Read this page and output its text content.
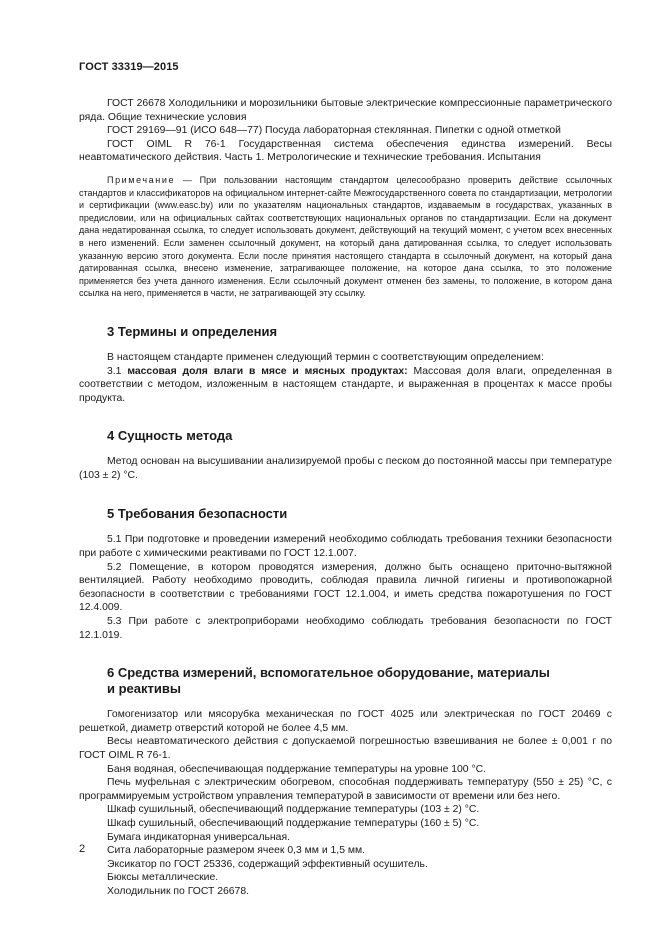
ГОСТ 33319—2015

ГОСТ 26678 Холодильники и морозильники бытовые электрические компрессионные параметрического ряда. Общие технические условия

ГОСТ 29169—91 (ИСО 648—77) Посуда лабораторная стеклянная. Пипетки с одной отметкой

ГОСТ OIML R 76-1 Государственная система обеспечения единства измерений. Весы неавтоматического действия. Часть 1. Метрологические и технические требования. Испытания

Примечание — При пользовании настоящим стандартом целесообразно проверить действие ссылочных стандартов и классификаторов на официальном интернет-сайте Межгосударственного совета по стандартизации, метрологии и сертификации (www.easc.by) или по указателям национальных стандартов, издаваемым в государствах, указанных в предисловии, или на официальных сайтах соответствующих национальных органов по стандартизации. Если на документ дана недатированная ссылка, то следует использовать документ, действующий на текущий момент, с учетом всех внесенных в него изменений. Если заменен ссылочный документ, на который дана датированная ссылка, то следует использовать указанную версию этого документа. Если после принятия настоящего стандарта в ссылочный документ, на который дана датированная ссылка, внесено изменение, затрагивающее положение, на которое дана ссылка, то это положение применяется без учета данного изменения. Если ссылочный документ отменен без замены, то положение, в котором дана ссылка на него, применяется в части, не затрагивающей эту ссылку.

3 Термины и определения

В настоящем стандарте применен следующий термин с соответствующим определением:

3.1 массовая доля влаги в мясе и мясных продуктах: Массовая доля влаги, определенная в соответствии с методом, изложенным в настоящем стандарте, и выраженная в процентах к массе пробы продукта.

4 Сущность метода

Метод основан на высушивании анализируемой пробы с песком до постоянной массы при температуре (103 ± 2) °С.

5 Требования безопасности

5.1 При подготовке и проведении измерений необходимо соблюдать требования техники безопасности при работе с химическими реактивами по ГОСТ 12.1.007.

5.2 Помещение, в котором проводятся измерения, должно быть оснащено приточно-вытяжной вентиляцией. Работу необходимо проводить, соблюдая правила личной гигиены и противопожарной безопасности в соответствии с требованиями ГОСТ 12.1.004, и иметь средства пожаротушения по ГОСТ 12.4.009.

5.3 При работе с электроприборами необходимо соблюдать требования безопасности по ГОСТ 12.1.019.

6 Средства измерений, вспомогательное оборудование, материалы
и реактивы

Гомогенизатор или мясорубка механическая по ГОСТ 4025 или электрическая по ГОСТ 20469 с решеткой, диаметр отверстий которой не более 4,5 мм.

Весы неавтоматического действия с допускаемой погрешностью взвешивания не более ± 0,001 г по ГОСТ OIML R 76-1.

Баня водяная, обеспечивающая поддержание температуры на уровне 100 °С.

Печь муфельная с электрическим обогревом, способная поддерживать температуру (550 ± 25) °С, с программируемым устройством управления температурой в зависимости от времени или без него.

Шкаф сушильный, обеспечивающий поддержание температуры (103 ± 2) °С.

Шкаф сушильный, обеспечивающий поддержание температуры (160 ± 5) °С.

Бумага индикаторная универсальная.

Сита лабораторные размером ячеек 0,3 мм и 1,5 мм.

Эксикатор по ГОСТ 25336, содержащий эффективный осушитель.

Бюксы металлические.

Холодильник по ГОСТ 26678.

2
